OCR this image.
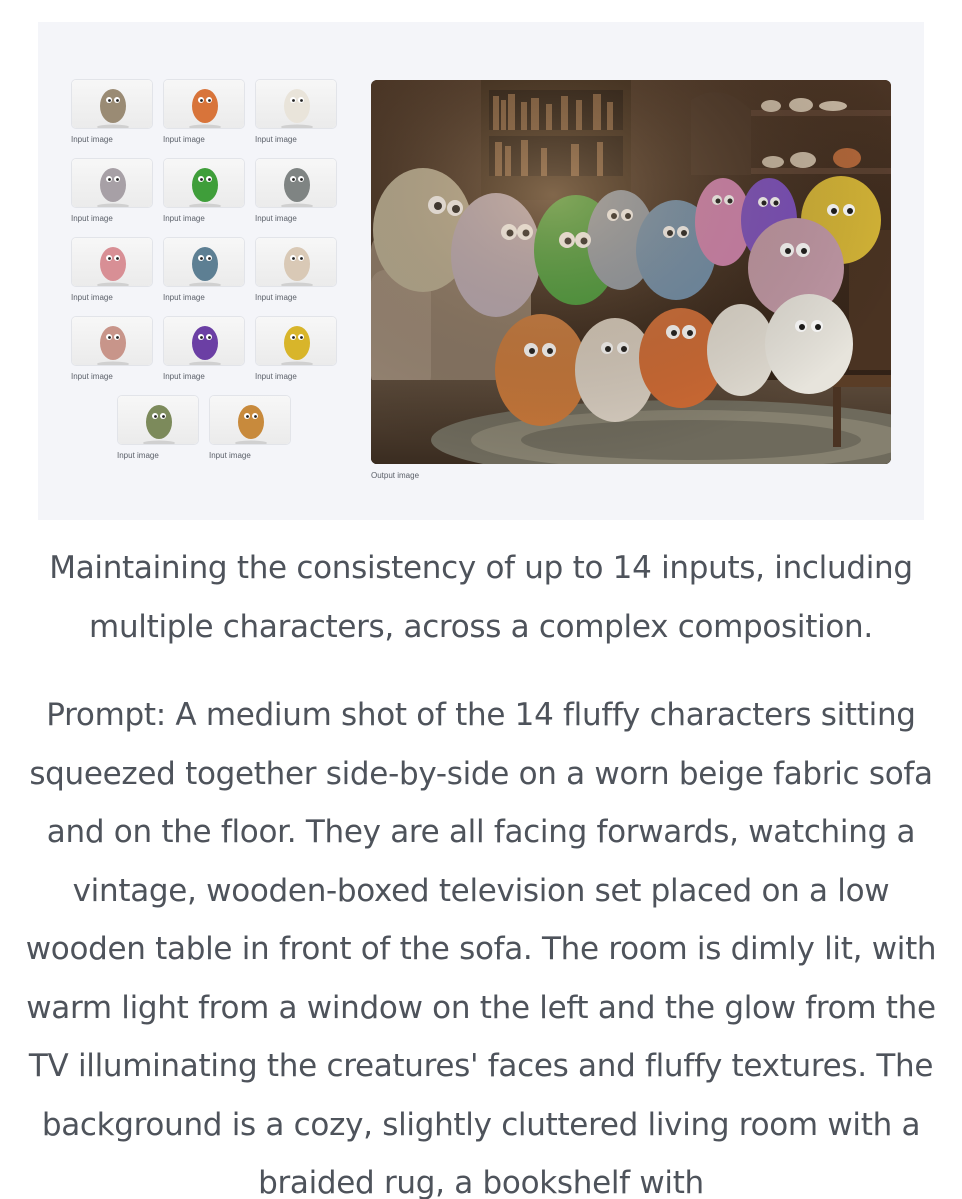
Input image	Input image	Input image
Input image	Input image	Input image
Input image	Input image	Input image
Input image	Input image	Input image
Input image	Input image
Output image

Maintaining the consistency of up to 14 inputs, including multiple characters, across a complex composition.

Prompt: A medium shot of the 14 fluffy characters sitting squeezed together side-by-side on a worn beige fabric sofa and on the floor. They are all facing forwards, watching a vintage, wooden-boxed television set placed on a low wooden table in front of the sofa. The room is dimly lit, with warm light from a window on the left and the glow from the TV illuminating the creatures' faces and fluffy textures. The background is a cozy, slightly cluttered living room with a braided rug, a bookshelf with
